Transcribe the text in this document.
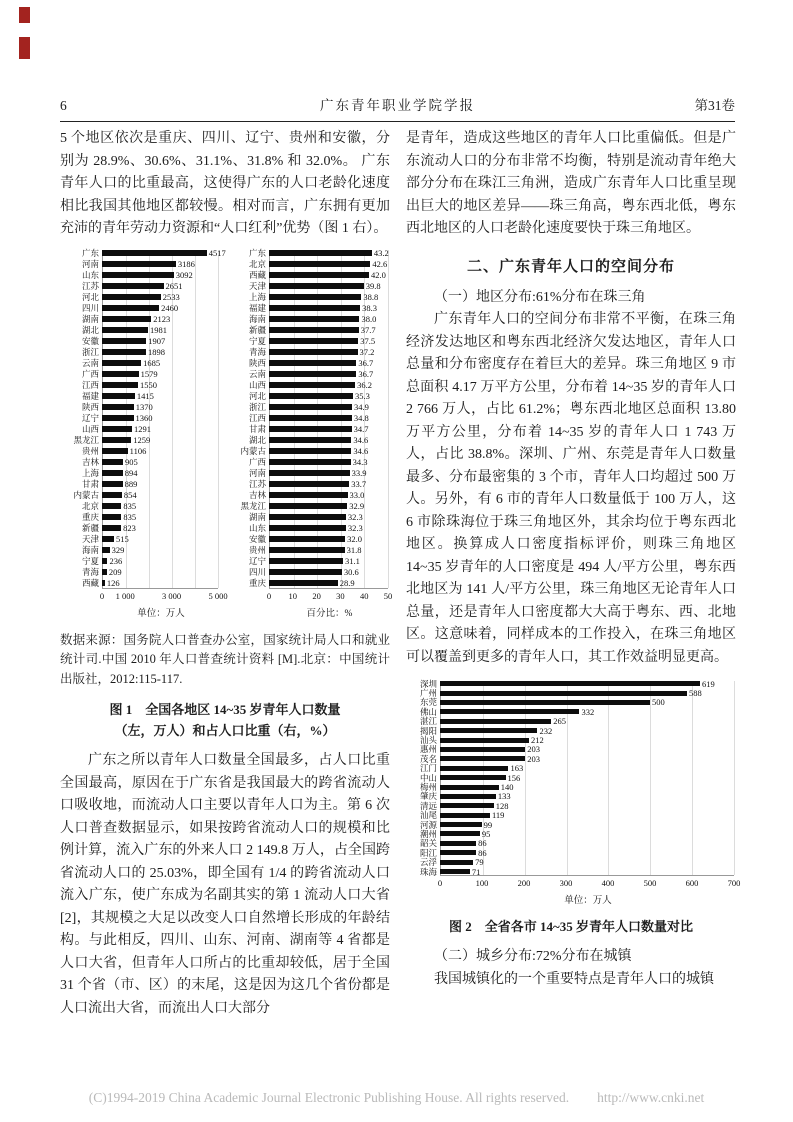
6	广东青年职业学院学报	第31卷

5 个地区依次是重庆、四川、辽宁、贵州和安徽，分别为 28.9%、30.6%、31.1%、31.8% 和 32.0%。 广东青年人口的比重最高，这使得广东的人口老龄化速度相比我国其他地区都较慢。相对而言，广东拥有更加充沛的青年劳动力资源和“人口红利”优势（图 1 右）。

广东	4517
河南	3186
山东	3092
江苏	2651
河北	2533
四川	2460
湖南	2123
湖北	1981
安徽	1907
浙江	1898
云南	1685
广西	1579
江西	1550
福建	1415
陕西	1370
辽宁	1360
山西	1291
黑龙江	1259
贵州	1106
吉林	905
上海	894
甘肃	889
内蒙古	854
北京	835
重庆	835
新疆	823
天津	515
海南	329
宁夏	236
青海	209
西藏 126
0 1 000	3 000	5 000
单位：万人
广东	43.2
北京	42.6
西藏	42.0
天津	39.8
上海	38.8
福建	38.3
海南	38.0
新疆	37.7
宁夏	37.5
青海	37.2
陕西	36.7
云南	36.7
山西	36.2
河北	35.3
浙江	34.9
江西	34.8
甘肃	34.7
湖北	34.6
内蒙古	34.6
广西	34.3
河南	33.9
江苏	33.7
吉林	33.0
黑龙江	32.9
湖南	32.3
山东	32.3
安徽	32.0
贵州	31.8
辽宁	31.1
四川	30.6
重庆	28.9
0 10 20 30 40 50
百分比：%

数据来源：国务院人口普查办公室，国家统计局人口和就业统计司.中国 2010 年人口普查统计资料 [M].北京：中国统计出版社，2012:115-117.

图 1　全国各地区 14~35 岁青年人口数量
（左，万人）和占人口比重（右，%）

广东之所以青年人口数量全国最多，占人口比重全国最高，原因在于广东省是我国最大的跨省流动人口吸收地，而流动人口主要以青年人口为主。第 6 次人口普查数据显示，如果按跨省流动人口的规模和比例计算，流入广东的外来人口 2 149.8 万人，占全国跨省流动人口的 25.03%，即全国有 1/4 的跨省流动人口流入广东，使广东成为名副其实的第 1 流动人口大省[2]，其规模之大足以改变人口自然增长形成的年龄结构。与此相反，四川、山东、河南、湖南等 4 省都是人口大省，但青年人口所占的比重却较低，居于全国 31 个省（市、区）的末尾，这是因为这几个省份都是人口流出大省，而流出人口大部分

是青年，造成这些地区的青年人口比重偏低。但是广东流动人口的分布非常不均衡，特别是流动青年绝大部分分布在珠江三角洲，造成广东青年人口比重呈现出巨大的地区差异——珠三角高，粤东西北低，粤东西北地区的人口老龄化速度要快于珠三角地区。

二、广东青年人口的空间分布

（一）地区分布:61%分布在珠三角

广东青年人口的空间分布非常不平衡，在珠三角经济发达地区和粤东西北经济欠发达地区，青年人口总量和分布密度存在着巨大的差异。珠三角地区 9 市总面积 4.17 万平方公里，分布着 14~35 岁的青年人口 2 766 万人，占比 61.2%；粤东西北地区总面积 13.80 万平方公里，分布着 14~35 岁的青年人口 1 743 万人，占比 38.8%。深圳、广州、东莞是青年人口数量最多、分布最密集的 3 个市，青年人口均超过 500 万人。另外，有 6 市的青年人口数量低于 100 万人，这 6 市除珠海位于珠三角地区外，其余均位于粤东西北地区。换算成人口密度指标评价，则珠三角地区 14~35 岁青年的人口密度是 494 人/平方公里，粤东西北地区为 141 人/平方公里，珠三角地区无论青年人口总量，还是青年人口密度都大大高于粤东、西、北地区。这意味着，同样成本的工作投入，在珠三角地区可以覆盖到更多的青年人口，其工作效益明显更高。

深圳	619
广州	588
东莞	500
佛山	332
湛江	265
揭阳	232
汕头	212
惠州	203
茂名	203
江门	163
中山	156
梅州	140
肇庆	133
清远	128
汕尾	119
河源	99
潮州	95
韶关	86
阳江	86
云浮	79
珠海	71
0	100	200	300	400	500	600	700
单位：万人

图 2　全省各市 14~35 岁青年人口数量对比

（二）城乡分布:72%分布在城镇

我国城镇化的一个重要特点是青年人口的城镇

(C)1994-2019 China Academic Journal Electronic Publishing House. All rights reserved. http://www.cnki.net
